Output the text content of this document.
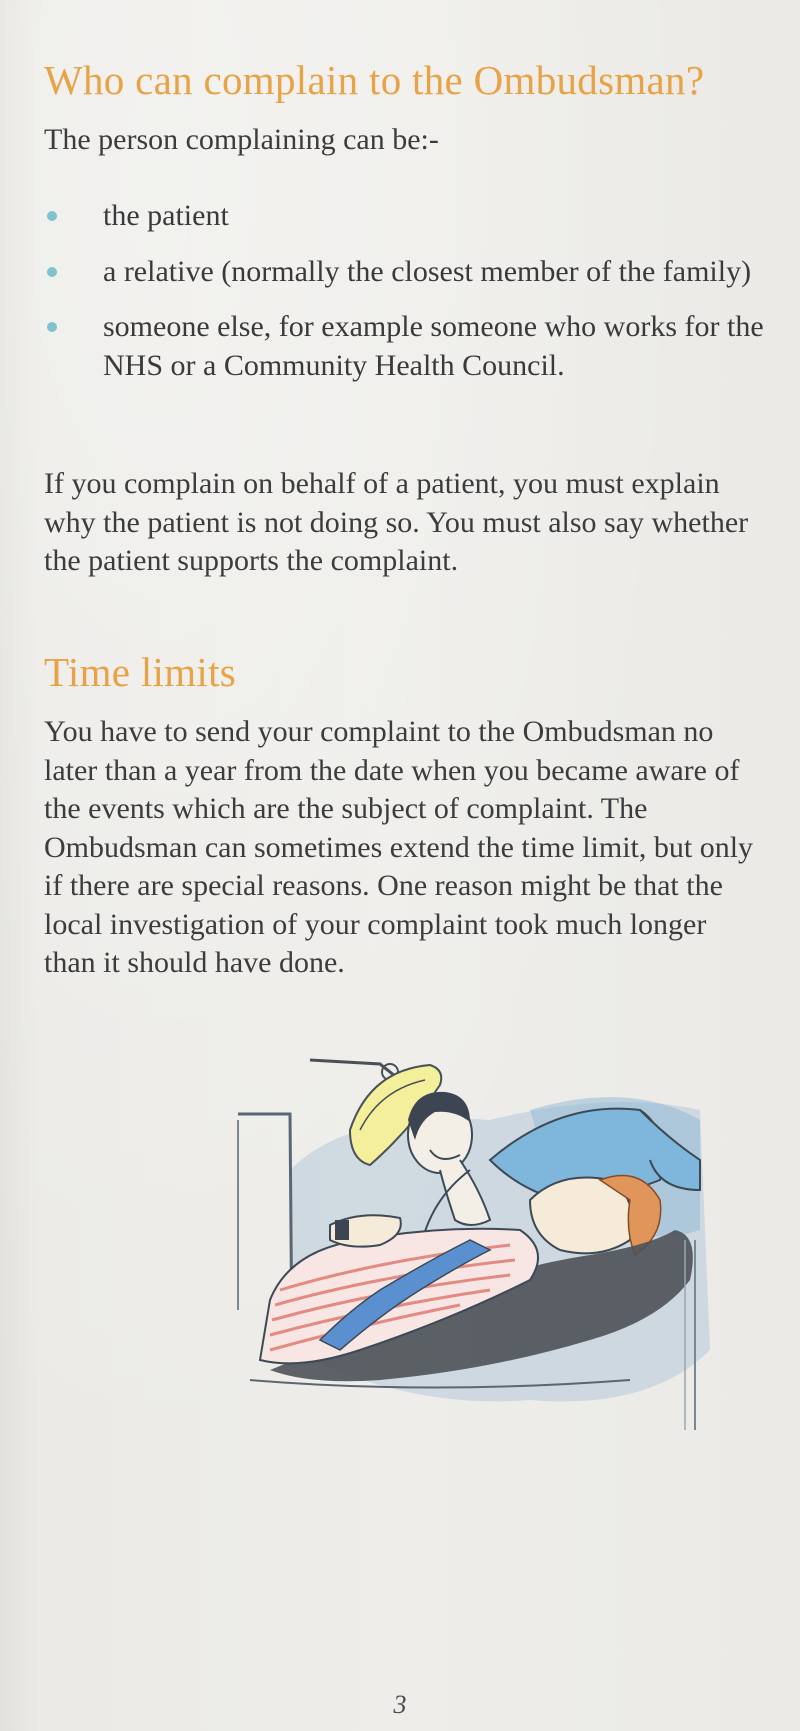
Who can complain to the Ombudsman?

The person complaining can be:-

the patient
a relative (normally the closest member of the family)
someone else, for example someone who works for the NHS or a Community Health Council.

If you complain on behalf of a patient, you must explain why the patient is not doing so. You must also say whether the patient supports the complaint.

Time limits

You have to send your complaint to the Ombudsman no later than a year from the date when you became aware of the events which are the subject of complaint. The Ombudsman can sometimes extend the time limit, but only if there are special reasons. One reason might be that the local investigation of your complaint took much longer than it should have done.

3
